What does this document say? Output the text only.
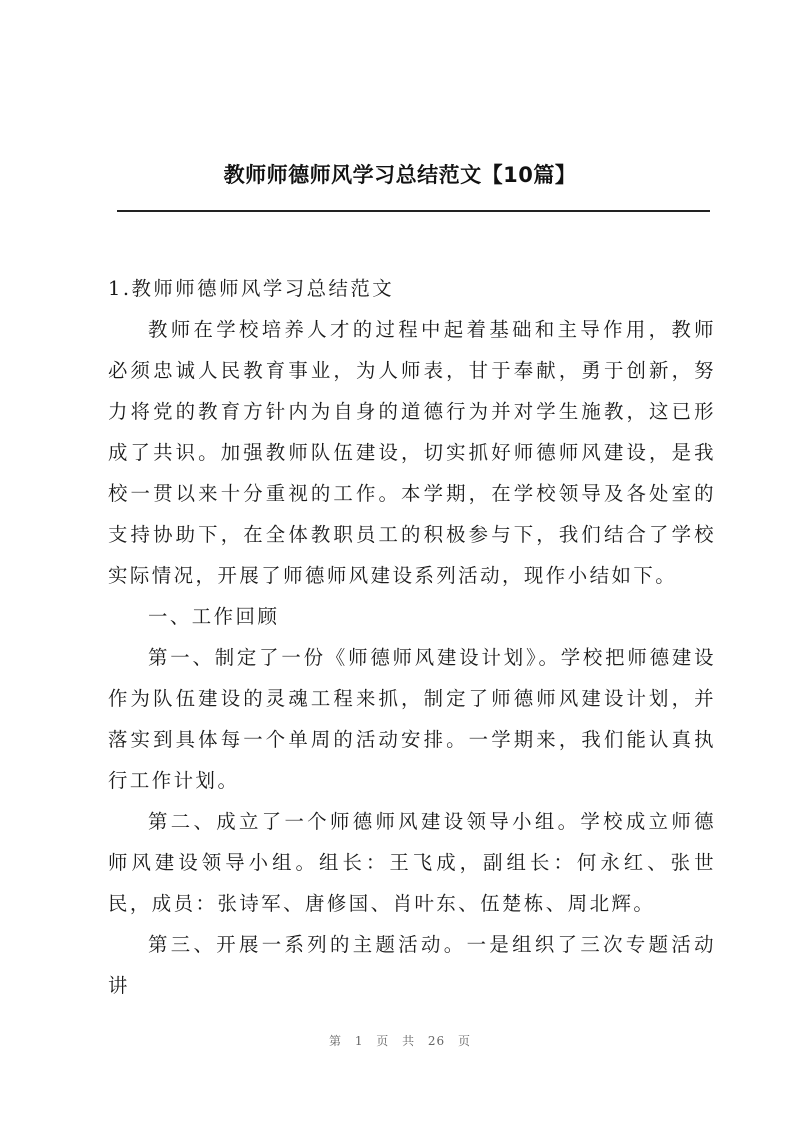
教师师德师风学习总结范文【10篇】

1.教师师德师风学习总结范文

教师在学校培养人才的过程中起着基础和主导作用，教师必须忠诚人民教育事业，为人师表，甘于奉献，勇于创新，努力将党的教育方针内为自身的道德行为并对学生施教，这已形成了共识。加强教师队伍建设，切实抓好师德师风建设，是我校一贯以来十分重视的工作。本学期，在学校领导及各处室的支持协助下，在全体教职员工的积极参与下，我们结合了学校实际情况，开展了师德师风建设系列活动，现作小结如下。

一、工作回顾

第一、制定了一份《师德师风建设计划》。学校把师德建设作为队伍建设的灵魂工程来抓，制定了师德师风建设计划，并落实到具体每一个单周的活动安排。一学期来，我们能认真执行工作计划。

第二、成立了一个师德师风建设领导小组。学校成立师德师风建设领导小组。组长：王飞成，副组长：何永红、张世民，成员：张诗军、唐修国、肖叶东、伍楚栋、周北辉。

第三、开展一系列的主题活动。一是组织了三次专题活动讲

第 1 页 共 26 页
